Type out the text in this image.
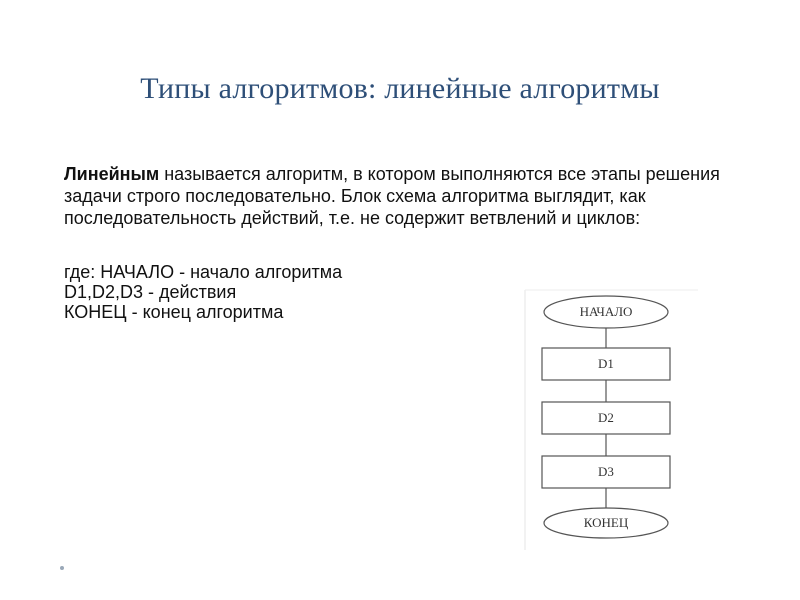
Типы алгоритмов: линейные алгоритмы
Линейным называется алгоритм, в котором выполняются все этапы решения задачи строго последовательно. Блок схема алгоритма выглядит, как последовательность действий, т.е. не содержит ветвлений и циклов:
где: НАЧАЛО - начало алгоритма
D1,D2,D3 - действия
КОНЕЦ - конец алгоритма	НАЧАЛО
D1
D2
D3
КОНЕЦ
